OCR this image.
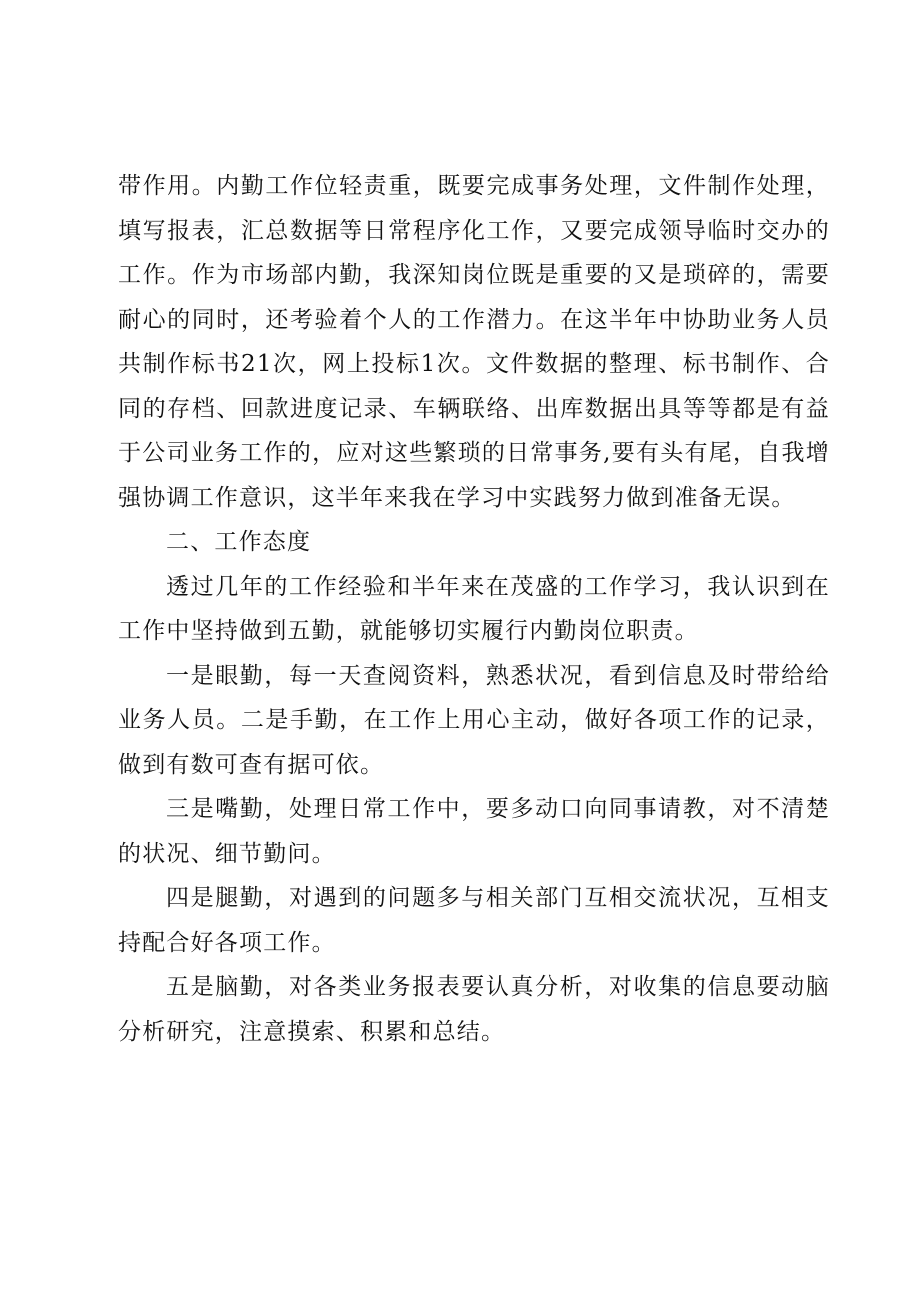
带作用。内勤工作位轻责重，既要完成事务处理，文件制作处理，填写报表，汇总数据等日常程序化工作，又要完成领导临时交办的工作。作为市场部内勤，我深知岗位既是重要的又是琐碎的，需要耐心的同时，还考验着个人的工作潜力。在这半年中协助业务人员共制作标书21次，网上投标1次。文件数据的整理、标书制作、合同的存档、回款进度记录、车辆联络、出库数据出具等等都是有益于公司业务工作的，应对这些繁琐的日常事务,要有头有尾，自我增强协调工作意识，这半年来我在学习中实践努力做到准备无误。

二、工作态度

透过几年的工作经验和半年来在茂盛的工作学习，我认识到在工作中坚持做到五勤，就能够切实履行内勤岗位职责。

一是眼勤，每一天查阅资料，熟悉状况，看到信息及时带给给业务人员。二是手勤，在工作上用心主动，做好各项工作的记录，做到有数可查有据可依。

三是嘴勤，处理日常工作中，要多动口向同事请教，对不清楚的状况、细节勤问。

四是腿勤，对遇到的问题多与相关部门互相交流状况，互相支持配合好各项工作。

五是脑勤，对各类业务报表要认真分析，对收集的信息要动脑分析研究，注意摸索、积累和总结。
